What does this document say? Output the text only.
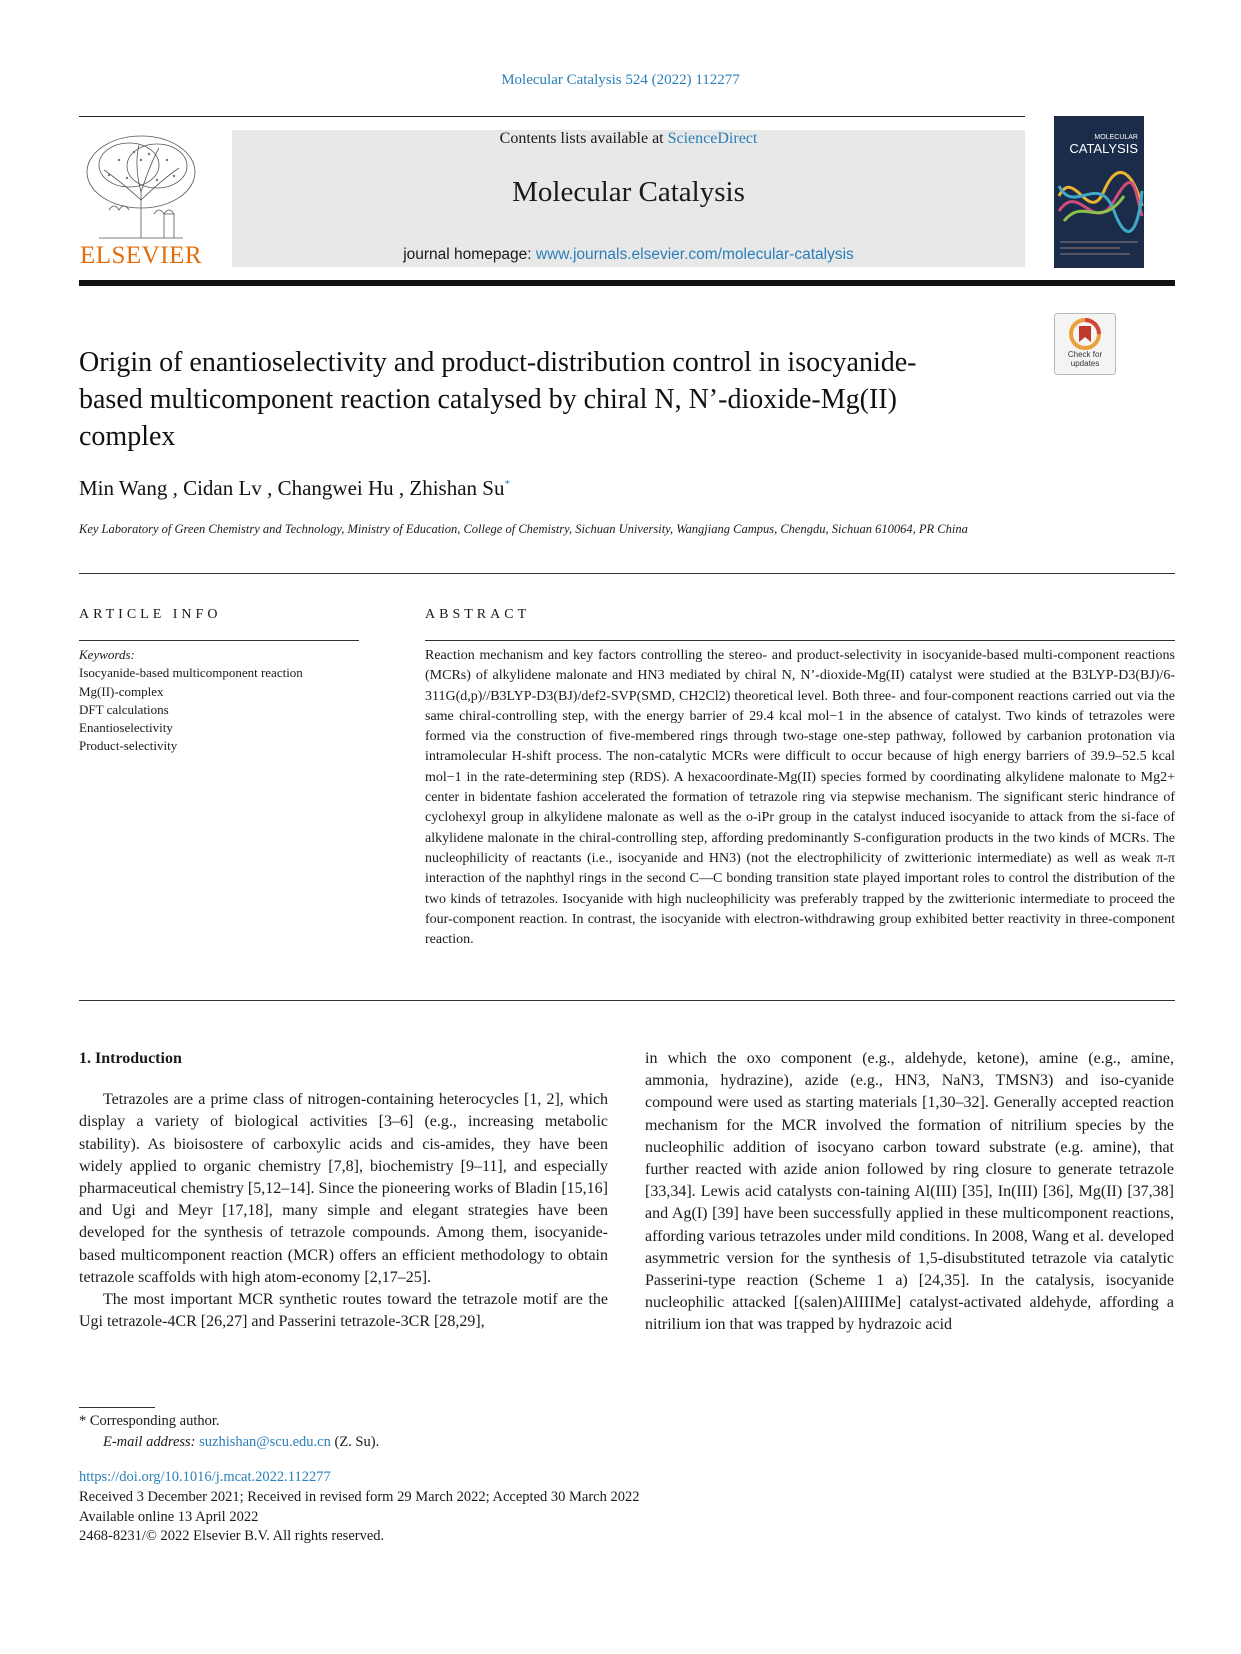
Molecular Catalysis 524 (2022) 112277
ELSEVIER
Contents lists available at ScienceDirect
Molecular Catalysis
journal homepage: www.journals.elsevier.com/molecular-catalysis
MOLECULAR
CATALYSIS
Check for updates
Origin of enantioselectivity and product-distribution control in isocyanide-based multicomponent reaction catalysed by chiral N, N’-dioxide-Mg(II) complex
Min Wang , Cidan Lv , Changwei Hu , Zhishan Su*
Key Laboratory of Green Chemistry and Technology, Ministry of Education, College of Chemistry, Sichuan University, Wangjiang Campus, Chengdu, Sichuan 610064, PR China
ARTICLE INFO	ABSTRACT
Keywords:
Isocyanide-based multicomponent reaction
Mg(II)-complex
DFT calculations
Enantioselectivity
Product-selectivity
Reaction mechanism and key factors controlling the stereo- and product-selectivity in isocyanide-based multi-component reactions (MCRs) of alkylidene malonate and HN3 mediated by chiral N, N’-dioxide-Mg(II) catalyst were studied at the B3LYP-D3(BJ)/6-311G(d,p)//B3LYP-D3(BJ)/def2-SVP(SMD, CH2Cl2) theoretical level. Both three- and four-component reactions carried out via the same chiral-controlling step, with the energy barrier of 29.4 kcal mol−1 in the absence of catalyst. Two kinds of tetrazoles were formed via the construction of five-membered rings through two-stage one-step pathway, followed by carbanion protonation via intramolecular H-shift process. The non-catalytic MCRs were difficult to occur because of high energy barriers of 39.9–52.5 kcal mol−1 in the rate-determining step (RDS). A hexacoordinate-Mg(II) species formed by coordinating alkylidene malonate to Mg2+ center in bidentate fashion accelerated the formation of tetrazole ring via stepwise mechanism. The significant steric hindrance of cyclohexyl group in alkylidene malonate as well as the o-iPr group in the catalyst induced isocyanide to attack from the si-face of alkylidene malonate in the chiral-controlling step, affording predominantly S-configuration products in the two kinds of MCRs. The nucleophilicity of reactants (i.e., isocyanide and HN3) (not the electrophilicity of zwitterionic intermediate) as well as weak π-π interaction of the naphthyl rings in the second C—C bonding transition state played important roles to control the distribution of the two kinds of tetrazoles. Isocyanide with high nucleophilicity was preferably trapped by the zwitterionic intermediate to proceed the four-component reaction. In contrast, the isocyanide with electron-withdrawing group exhibited better reactivity in three-component reaction.
1. Introduction

Tetrazoles are a prime class of nitrogen-containing heterocycles [1, 2], which display a variety of biological activities [3–6] (e.g., increasing metabolic stability). As bioisostere of carboxylic acids and cis-amides, they have been widely applied to organic chemistry [7,8], biochemistry [9–11], and especially pharmaceutical chemistry [5,12–14]. Since the pioneering works of Bladin [15,16] and Ugi and Meyr [17,18], many simple and elegant strategies have been developed for the synthesis of tetrazole compounds. Among them, isocyanide-based multicomponent reaction (MCR) offers an efficient methodology to obtain tetrazole scaffolds with high atom-economy [2,17–25].

The most important MCR synthetic routes toward the tetrazole motif are the Ugi tetrazole-4CR [26,27] and Passerini tetrazole-3CR [28,29],

in which the oxo component (e.g., aldehyde, ketone), amine (e.g., amine, ammonia, hydrazine), azide (e.g., HN3, NaN3, TMSN3) and iso-cyanide compound were used as starting materials [1,30–32]. Generally accepted reaction mechanism for the MCR involved the formation of nitrilium species by the nucleophilic addition of isocyano carbon toward substrate (e.g. amine), that further reacted with azide anion followed by ring closure to generate tetrazole [33,34]. Lewis acid catalysts con-taining Al(III) [35], In(III) [36], Mg(II) [37,38] and Ag(I) [39] have been successfully applied in these multicomponent reactions, affording various tetrazoles under mild conditions. In 2008, Wang et al. developed asymmetric version for the synthesis of 1,5-disubstituted tetrazole via catalytic Passerini-type reaction (Scheme 1 a) [24,35]. In the catalysis, isocyanide nucleophilic attacked [(salen)AlIIIMe] catalyst-activated aldehyde, affording a nitrilium ion that was trapped by hydrazoic acid

* Corresponding author.
E-mail address: suzhishan@scu.edu.cn (Z. Su).
https://doi.org/10.1016/j.mcat.2022.112277
Received 3 December 2021; Received in revised form 29 March 2022; Accepted 30 March 2022
Available online 13 April 2022
2468-8231/© 2022 Elsevier B.V. All rights reserved.
